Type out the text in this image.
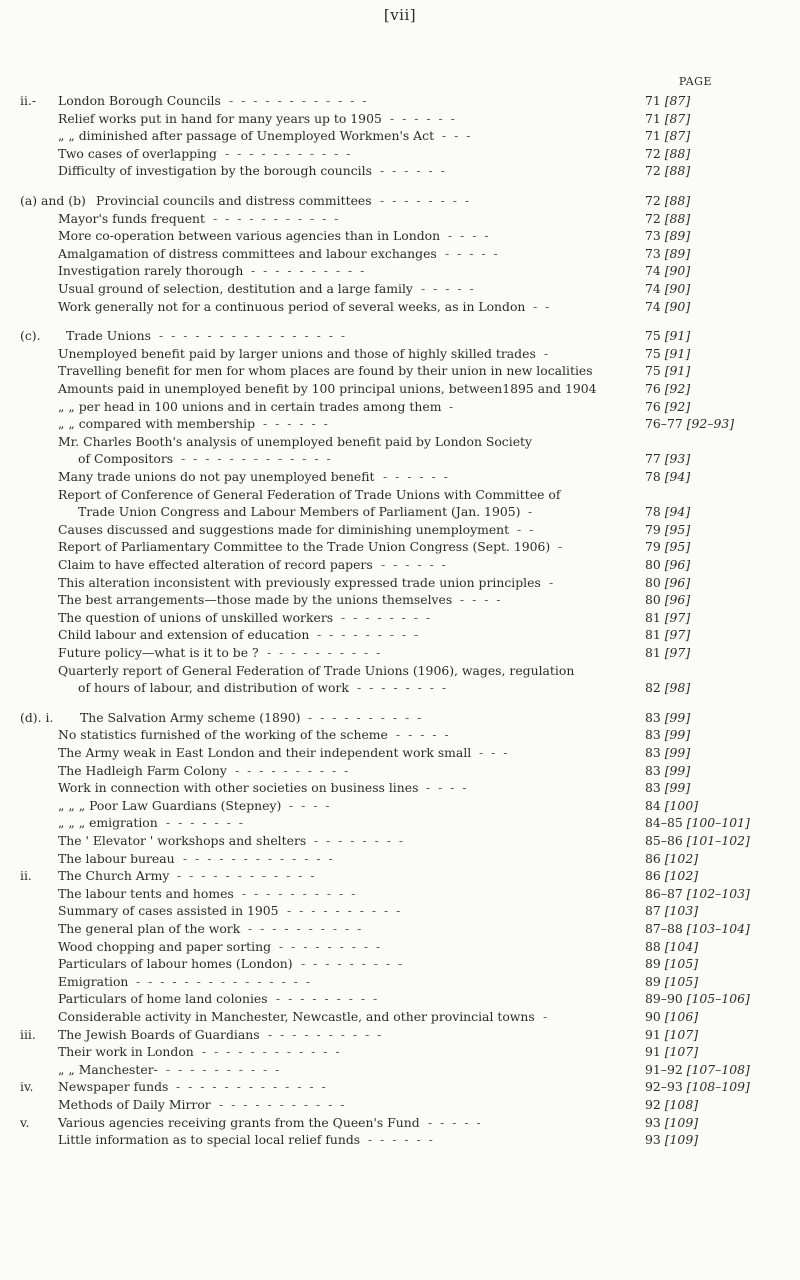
[vii]
PAGE
ii.- London Borough Councils - - - - - - - - - - - -	71 [87]
Relief works put in hand for many years up to 1905 - - - - - -	71 [87]
„ „ diminished after passage of Unemployed Workmen's Act - - -	71 [87]
Two cases of overlapping - - - - - - - - - - -	72 [88]
Difficulty of investigation by the borough councils - - - - - -	72 [88]
(a) and (b) Provincial councils and distress committees - - - - - - - -	72 [88]
Mayor's funds frequent - - - - - - - - - - -	72 [88]
More co-operation between various agencies than in London - - - -	73 [89]
Amalgamation of distress committees and labour exchanges - - - - -	73 [89]
Investigation rarely thorough - - - - - - - - - -	74 [90]
Usual ground of selection, destitution and a large family - - - - -	74 [90]
Work generally not for a continuous period of several weeks, as in London - -	74 [90]
(c). Trade Unions - - - - - - - - - - - - - - - -	75 [91]
Unemployed benefit paid by larger unions and those of highly skilled trades -	75 [91]
Travelling benefit for men for whom places are found by their union in new localities	75 [91]
Amounts paid in unemployed benefit by 100 principal unions, between1895 and 1904	76 [92]
„ „ per head in 100 unions and in certain trades among them -	76 [92]
„ „ compared with membership - - - - - -	76–77 [92–93]
Mr. Charles Booth's analysis of unemployed benefit paid by London Society
of Compositors - - - - - - - - - - - - -	77 [93]
Many trade unions do not pay unemployed benefit - - - - - -	78 [94]
Report of Conference of General Federation of Trade Unions with Committee of
Trade Union Congress and Labour Members of Parliament (Jan. 1905) -	78 [94]
Causes discussed and suggestions made for diminishing unemployment - -	79 [95]
Report of Parliamentary Committee to the Trade Union Congress (Sept. 1906) -	79 [95]
Claim to have effected alteration of record papers - - - - - -	80 [96]
This alteration inconsistent with previously expressed trade union principles -	80 [96]
The best arrangements—those made by the unions themselves - - - -	80 [96]
The question of unions of unskilled workers - - - - - - - -	81 [97]
Child labour and extension of education - - - - - - - - -	81 [97]
Future policy—what is it to be ? - - - - - - - - - -	81 [97]
Quarterly report of General Federation of Trade Unions (1906), wages, regulation
of hours of labour, and distribution of work - - - - - - - -	82 [98]
(d). i. The Salvation Army scheme (1890) - - - - - - - - - -	83 [99]
No statistics furnished of the working of the scheme - - - - -	83 [99]
The Army weak in East London and their independent work small - - -	83 [99]
The Hadleigh Farm Colony - - - - - - - - - -	83 [99]
Work in connection with other societies on business lines - - - -	83 [99]
„ „ „ Poor Law Guardians (Stepney) - - - -	84 [100]
„ „ „ emigration - - - - - - -	84–85 [100–101]
The ' Elevator ' workshops and shelters - - - - - - - -	85–86 [101–102]
The labour bureau - - - - - - - - - - - - -	86 [102]
ii. The Church Army - - - - - - - - - - - -	86 [102]
The labour tents and homes - - - - - - - - - -	86–87 [102–103]
Summary of cases assisted in 1905 - - - - - - - - - -	87 [103]
The general plan of the work - - - - - - - - - -	87–88 [103–104]
Wood chopping and paper sorting - - - - - - - - -	88 [104]
Particulars of labour homes (London) - - - - - - - - -	89 [105]
Emigration - - - - - - - - - - - - - - -	89 [105]
Particulars of home land colonies - - - - - - - - -	89–90 [105–106]
Considerable activity in Manchester, Newcastle, and other provincial towns -	90 [106]
iii. The Jewish Boards of Guardians - - - - - - - - - -	91 [107]
Their work in London - - - - - - - - - - - -	91 [107]
„ „ Manchester- - - - - - - - - - -	91–92 [107–108]
iv. Newspaper funds - - - - - - - - - - - - -	92–93 [108–109]
Methods of Daily Mirror - - - - - - - - - - -	92 [108]
v. Various agencies receiving grants from the Queen's Fund - - - - -	93 [109]
Little information as to special local relief funds - - - - - -	93 [109]
